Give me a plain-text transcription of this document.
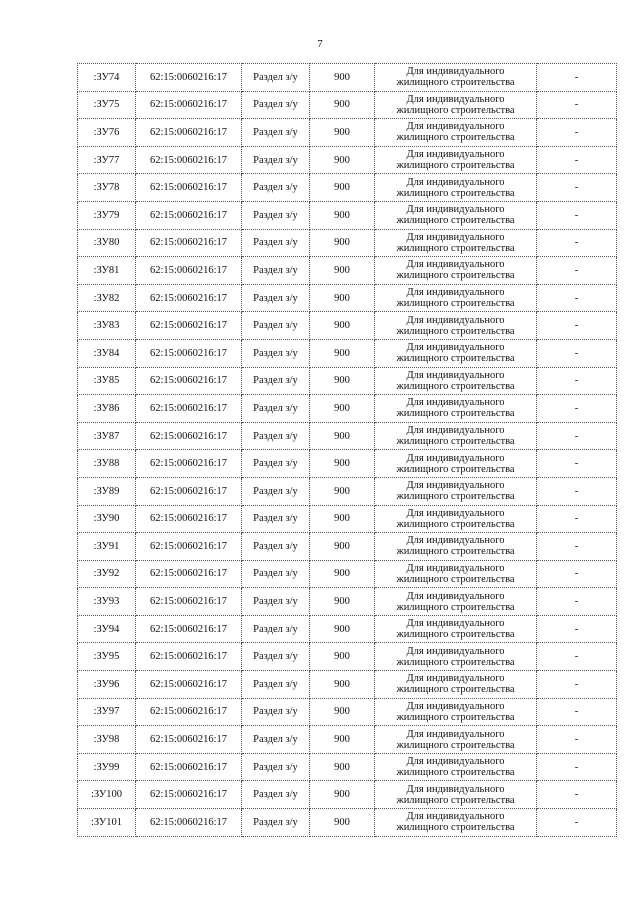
7
:ЗУ74	62:15:0060216:17	Раздел з/у	900	Для индивидуального
жилищного строительства	-
:ЗУ75	62:15:0060216:17	Раздел з/у	900	Для индивидуального
жилищного строительства	-
:ЗУ76	62:15:0060216:17	Раздел з/у	900	Для индивидуального
жилищного строительства	-
:ЗУ77	62:15:0060216:17	Раздел з/у	900	Для индивидуального
жилищного строительства	-
:ЗУ78	62:15:0060216:17	Раздел з/у	900	Для индивидуального
жилищного строительства	-
:ЗУ79	62:15:0060216:17	Раздел з/у	900	Для индивидуального
жилищного строительства	-
:ЗУ80	62:15:0060216:17	Раздел з/у	900	Для индивидуального
жилищного строительства	-
:ЗУ81	62:15:0060216:17	Раздел з/у	900	Для индивидуального
жилищного строительства	-
:ЗУ82	62:15:0060216:17	Раздел з/у	900	Для индивидуального
жилищного строительства	-
:ЗУ83	62:15:0060216:17	Раздел з/у	900	Для индивидуального
жилищного строительства	-
:ЗУ84	62:15:0060216:17	Раздел з/у	900	Для индивидуального
жилищного строительства	-
:ЗУ85	62:15:0060216:17	Раздел з/у	900	Для индивидуального
жилищного строительства	-
:ЗУ86	62:15:0060216:17	Раздел з/у	900	Для индивидуального
жилищного строительства	-
:ЗУ87	62:15:0060216:17	Раздел з/у	900	Для индивидуального
жилищного строительства	-
:ЗУ88	62:15:0060216:17	Раздел з/у	900	Для индивидуального
жилищного строительства	-
:ЗУ89	62:15:0060216:17	Раздел з/у	900	Для индивидуального
жилищного строительства	-
:ЗУ90	62:15:0060216:17	Раздел з/у	900	Для индивидуального
жилищного строительства	-
:ЗУ91	62:15:0060216:17	Раздел з/у	900	Для индивидуального
жилищного строительства	-
:ЗУ92	62:15:0060216:17	Раздел з/у	900	Для индивидуального
жилищного строительства	-
:ЗУ93	62:15:0060216:17	Раздел з/у	900	Для индивидуального
жилищного строительства	-
:ЗУ94	62:15:0060216:17	Раздел з/у	900	Для индивидуального
жилищного строительства	-
:ЗУ95	62:15:0060216:17	Раздел з/у	900	Для индивидуального
жилищного строительства	-
:ЗУ96	62:15:0060216:17	Раздел з/у	900	Для индивидуального
жилищного строительства	-
:ЗУ97	62:15:0060216:17	Раздел з/у	900	Для индивидуального
жилищного строительства	-
:ЗУ98	62:15:0060216:17	Раздел з/у	900	Для индивидуального
жилищного строительства	-
:ЗУ99	62:15:0060216:17	Раздел з/у	900	Для индивидуального
жилищного строительства	-
:ЗУ100	62:15:0060216:17	Раздел з/у	900	Для индивидуального
жилищного строительства	-
:ЗУ101	62:15:0060216:17	Раздел з/у	900	Для индивидуального
жилищного строительства	-
